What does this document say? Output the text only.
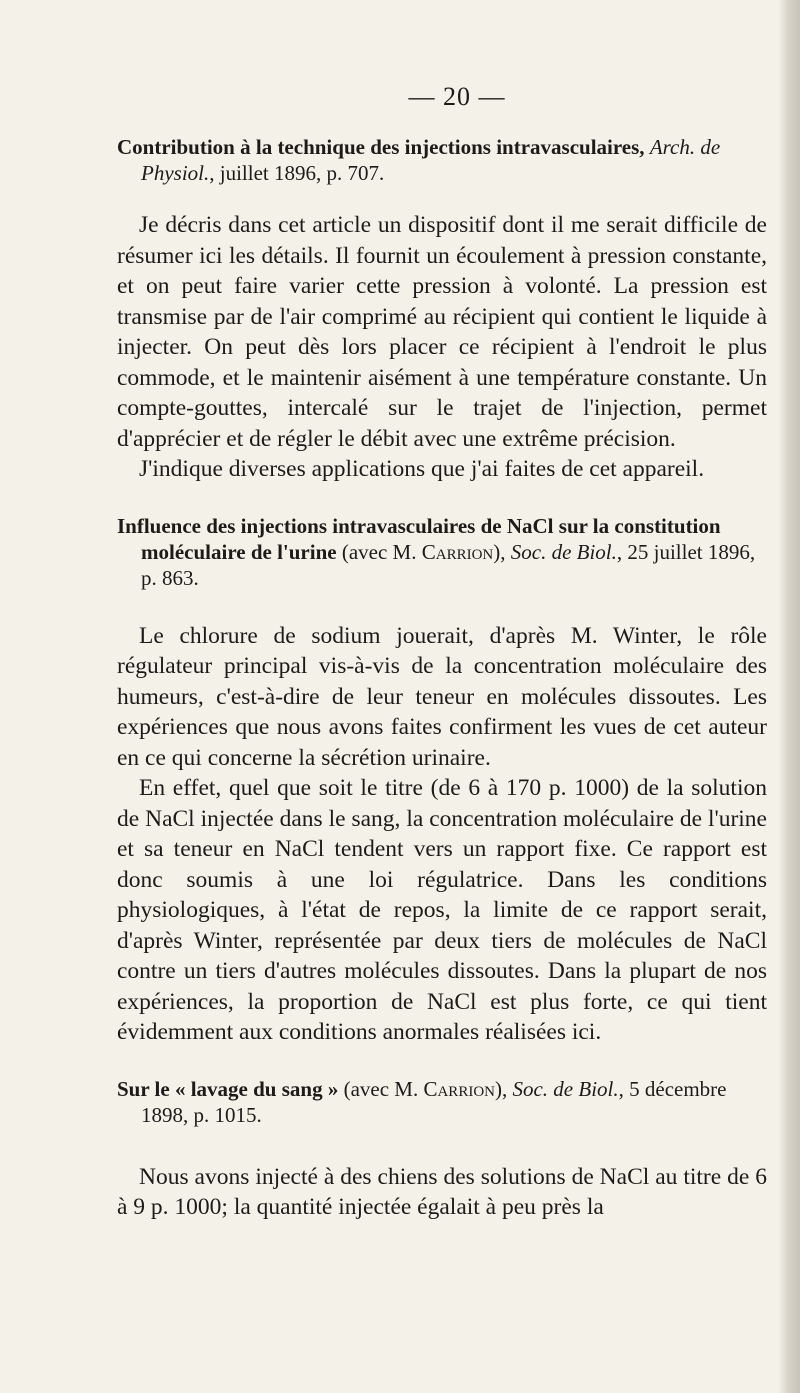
— 20 —

Contribution à la technique des injections intravasculaires, Arch. de Physiol., juillet 1896, p. 707.

Je décris dans cet article un dispositif dont il me serait difficile de résumer ici les détails. Il fournit un écoulement à pression constante, et on peut faire varier cette pression à volonté. La pression est transmise par de l'air comprimé au récipient qui contient le liquide à injecter. On peut dès lors placer ce récipient à l'endroit le plus commode, et le maintenir aisément à une température constante. Un compte-gouttes, intercalé sur le trajet de l'injection, permet d'apprécier et de régler le débit avec une extrême précision.

J'indique diverses applications que j'ai faites de cet appareil.

Influence des injections intravasculaires de NaCl sur la constitution moléculaire de l'urine (avec M. Carrion), Soc. de Biol., 25 juillet 1896, p. 863.

Le chlorure de sodium jouerait, d'après M. Winter, le rôle régulateur principal vis-à-vis de la concentration moléculaire des humeurs, c'est-à-dire de leur teneur en molécules dissoutes. Les expériences que nous avons faites confirment les vues de cet auteur en ce qui concerne la sécrétion urinaire.

En effet, quel que soit le titre (de 6 à 170 p. 1000) de la solution de NaCl injectée dans le sang, la concentration moléculaire de l'urine et sa teneur en NaCl tendent vers un rapport fixe. Ce rapport est donc soumis à une loi régulatrice. Dans les conditions physiologiques, à l'état de repos, la limite de ce rapport serait, d'après Winter, représentée par deux tiers de molécules de NaCl contre un tiers d'autres molécules dissoutes. Dans la plupart de nos expériences, la proportion de NaCl est plus forte, ce qui tient évidemment aux conditions anormales réalisées ici.

Sur le « lavage du sang » (avec M. Carrion), Soc. de Biol., 5 décembre 1898, p. 1015.

Nous avons injecté à des chiens des solutions de NaCl au titre de 6 à 9 p. 1000; la quantité injectée égalait à peu près la
